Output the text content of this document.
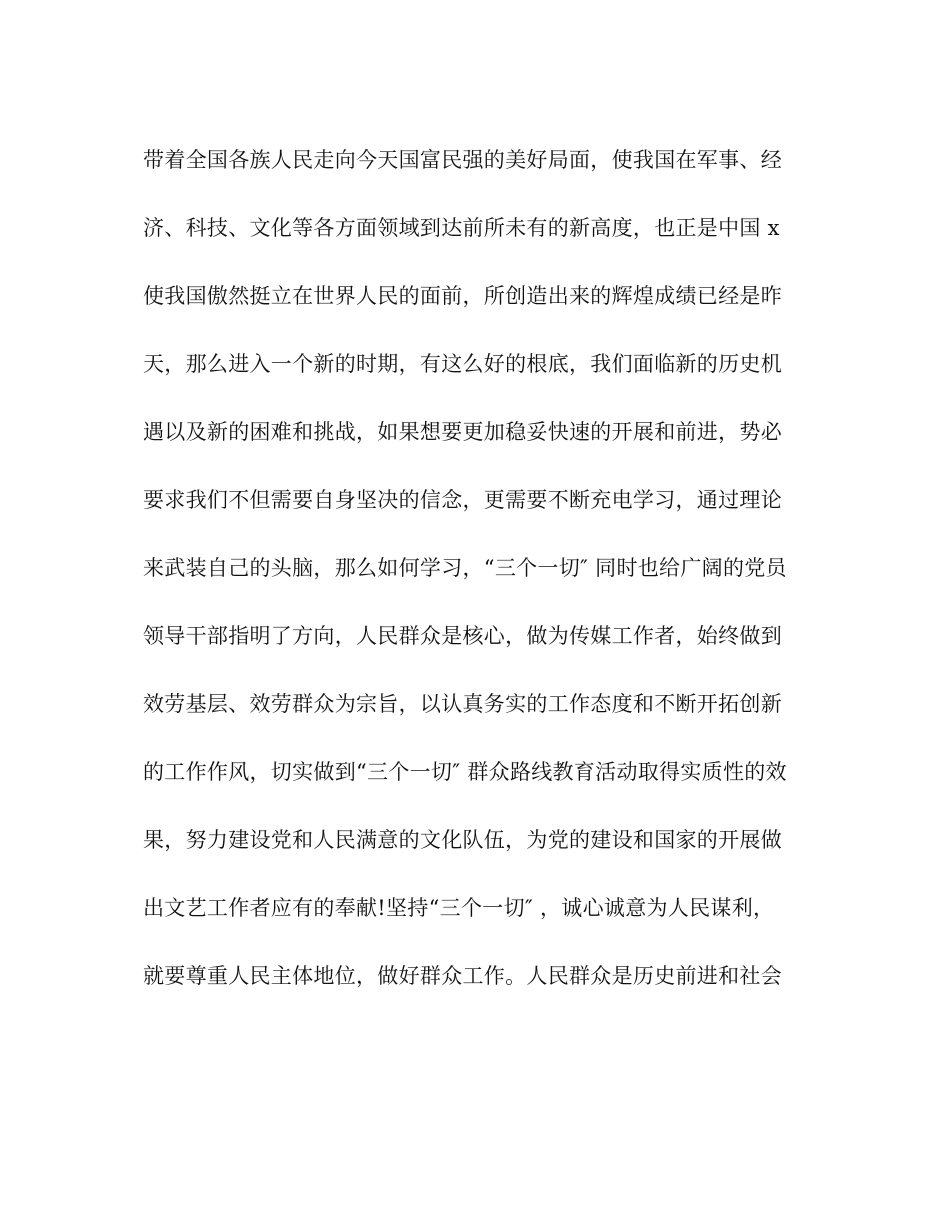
带着全国各族人民走向今天国富民强的美好局面，使我国在军事、经
济、科技、文化等各方面领域到达前所未有的新高度，也正是中国 x
使我国傲然挺立在世界人民的面前，所创造出来的辉煌成绩已经是昨
天，那么进入一个新的时期，有这么好的根底，我们面临新的历史机
遇以及新的困难和挑战，如果想要更加稳妥快速的开展和前进，势必
要求我们不但需要自身坚决的信念，更需要不断充电学习，通过理论
来武装自己的头脑，那么如何学习，“三个一切″ 同时也给广阔的党员
领导干部指明了方向，人民群众是核心，做为传媒工作者，始终做到
效劳基层、效劳群众为宗旨，以认真务实的工作态度和不断开拓创新
的工作作风，切实做到“三个一切″ 群众路线教育活动取得实质性的效
果，努力建设党和人民满意的文化队伍，为党的建设和国家的开展做
出文艺工作者应有的奉献!坚持“三个一切″ ，诚心诚意为人民谋利，
就要尊重人民主体地位，做好群众工作。人民群众是历史前进和社会
